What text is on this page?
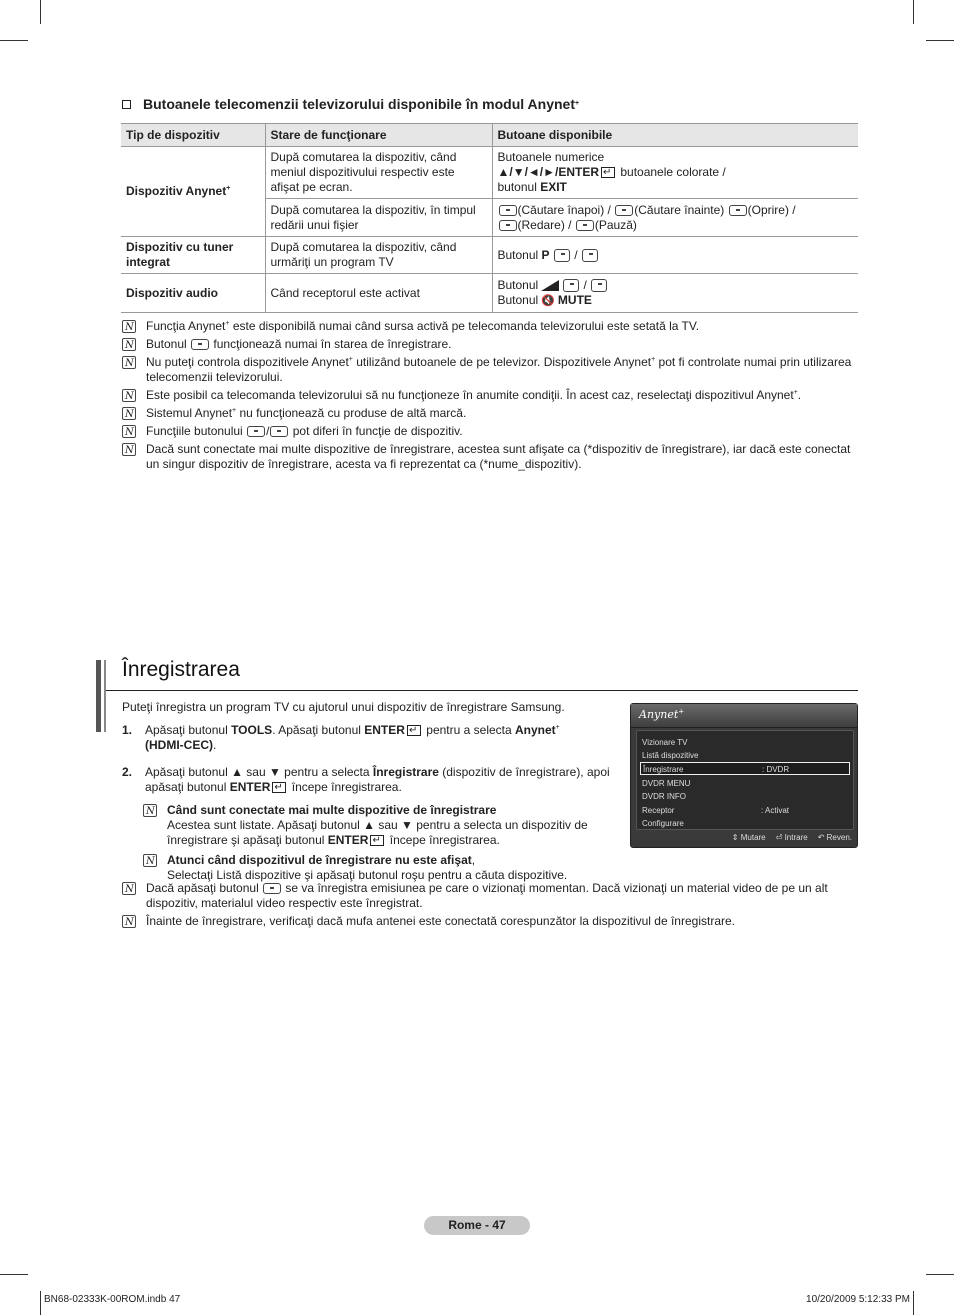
Butoanele telecomenzii televizorului disponibile în modul Anynet +
Tip de dispozitiv	Stare de funcţionare	Butoane disponibile
Dispozitiv Anynet+	După comutarea la dispozitiv, când meniul dispozitivului respectiv este afişat pe ecran.	Butoanele numerice
▲/▼/◄/►/ENTER↵ butoanele colorate /
butonul EXIT

	După comutarea la dispozitiv, în timpul redării unui fişier	(Căutare înapoi) / (Căutare înainte) (Oprire) /
(Redare) / (Pauză)

Dispozitiv cu tuner integrat	După comutarea la dispozitiv, când urmăriţi un program TV	Butonul P  /
Dispozitiv audio	Când receptorul este activat	Butonul /
Butonul 🔇 MUTE
N
Funcţia Anynet+ este disponibilă numai când sursa activă pe telecomanda televizorului este setată la TV.
N
Butonul  funcţionează numai în starea de înregistrare.
N
Nu puteţi controla dispozitivele Anynet+ utilizând butoanele de pe televizor. Dispozitivele Anynet+ pot fi controlate numai prin utilizarea telecomenzii televizorului.
N
Este posibil ca telecomanda televizorului să nu funcţioneze în anumite condiţii. În acest caz, reselectaţi dispozitivul Anynet+.
N
Sistemul Anynet+ nu funcţionează cu produse de altă marcă.
N
Funcţiile butonului / pot diferi în funcţie de dispozitiv.
N
Dacă sunt conectate mai multe dispozitive de înregistrare, acestea sunt afişate ca (*dispozitiv de înregistrare), iar dacă este conectat un singur dispozitiv de înregistrare, acesta va fi reprezentat ca (*nume_dispozitiv).
Înregistrarea
Puteţi înregistra un program TV cu ajutorul unui dispozitiv de înregistrare Samsung.
1.	Apăsaţi butonul TOOLS. Apăsaţi butonul ENTER↵ pentru a selecta Anynet+
(HDMI-CEC).
2.	Apăsaţi butonul ▲ sau ▼ pentru a selecta Înregistrare (dispozitiv de înregistrare), apoi apăsaţi butonul ENTER↵ începe înregistrarea.
N
Când sunt conectate mai multe dispozitive de înregistrare
Acestea sunt listate. Apăsaţi butonul ▲ sau ▼ pentru a selecta un dispozitiv de înregistrare şi apăsaţi butonul ENTER↵ începe înregistrarea.
N
Atunci când dispozitivul de înregistrare nu este afişat,
Selectaţi Listă dispozitive şi apăsaţi butonul roşu pentru a căuta dispozitive.
N
Dacă apăsaţi butonul  se va înregistra emisiunea pe care o vizionaţi momentan. Dacă vizionaţi un material video de pe un alt dispozitiv, materialul video respectiv este înregistrat.
N
Înainte de înregistrare, verificaţi dacă mufa antenei este conectată corespunzător la dispozitivul de înregistrare.
Anynet+
Vizionare TV
Listă dispozitive
Înregistrare	: DVDR
DVDR MENU
DVDR INFO
Receptor	: Activat
Configurare
⇕ Mutare ⏎ Intrare ↶ Reven.
Rome - 47
BN68-02333K-00ROM.indb 47	10/20/2009 5:12:33 PM
